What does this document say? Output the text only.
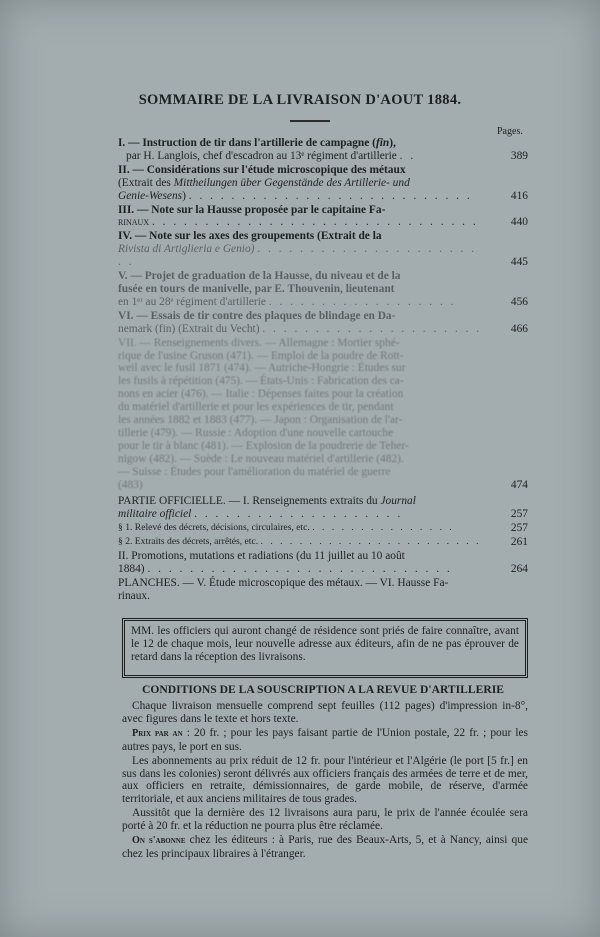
SOMMAIRE DE LA LIVRAISON D'AOUT 1884.
Pages.

I. — Instruction de tir dans l'artillerie de campagne (fin),
par H. Langlois, chef d'escadron au 13ᵉ régiment d'artillerie . .	389

II. — Considérations sur l'étude microscopique des métaux
(Extrait des Mittheilungen über Gegenstände des Artillerie- und
Genie-Wesens) . . . . . . . . . . . . . . . . . . . . . . . . . . .	416

III. — Note sur la Hausse proposée par le capitaine Fa-
rinaux . . . . . . . . . . . . . . . . . . . . . . . . . . . . . . .	440

IV. — Note sur les axes des groupements (Extrait de la
Rivista di Artiglieria e Genio) . . . . . . . . . . . . . . . . . . . . . . .	445

V. — Projet de graduation de la Hausse, du niveau et de la
fusée en tours de manivelle, par E. Thouvenin, lieutenant
en 1ᵉʳ au 28ᵉ régiment d'artillerie . . . . . . . . . . . . . . . . . .	456

VI. — Essais de tir contre des plaques de blindage en Da-
nemark (fin) (Extrait du Vecht) . . . . . . . . . . . . . . . . . . . . .	466

VII. — Renseignements divers. — Allemagne : Mortier sphé-
rique de l'usine Gruson (471). — Emploi de la poudre de Rott-
weil avec le fusil 1871 (474). — Autriche-Hongrie : Études sur
les fusils à répétition (475). — États-Unis : Fabrication des ca-
nons en acier (476). — Italie : Dépenses faites pour la création
du matériel d'artillerie et pour les expériences de tir, pendant
les années 1882 et 1883 (477). — Japon : Organisation de l'ar-
tillerie (479). — Russie : Adoption d'une nouvelle cartouche
pour le tir à blanc (481). — Explosion de la poudrerie de Teher-
nigow (482). — Suède : Le nouveau matériel d'artillerie (482).
— Suisse : Études pour l'amélioration du matériel de guerre
(483)	474

PARTIE OFFICIELLE. — I. Renseignements extraits du Journal
militaire officiel . . . . . . . . . . . . . . . . . . . .	257

§ 1. Relevé des décrets, décisions, circulaires, etc. . . . . . . . . . . . . . . .	257

§ 2. Extraits des décrets, arrêtés, etc. . . . . . . . . . . . . . . . . . . . . . . .	261

II. Promotions, mutations et radiations (du 11 juillet au 10 août
1884) . . . . . . . . . . . . . . . . . . . . . . . . . . . . .	264

PLANCHES. — V. Étude microscopique des métaux. — VI. Hausse Fa-
rinaux.

MM. les officiers qui auront changé de résidence sont priés de faire connaître, avant le 12 de chaque mois, leur nouvelle adresse aux éditeurs, afin de ne pas éprouver de retard dans la réception des livraisons.
CONDITIONS DE LA SOUSCRIPTION A LA REVUE D'ARTILLERIE

Chaque livraison mensuelle comprend sept feuilles (112 pages) d'impression in-8°, avec figures dans le texte et hors texte.

Prix par an : 20 fr. ; pour les pays faisant partie de l'Union postale, 22 fr. ; pour les autres pays, le port en sus.

Les abonnements au prix réduit de 12 fr. pour l'intérieur et l'Algérie (le port [5 fr.] en sus dans les colonies) seront délivrés aux officiers français des armées de terre et de mer, aux officiers en retraite, démissionnaires, de garde mobile, de réserve, d'armée territoriale, et aux anciens militaires de tous grades.

Aussitôt que la dernière des 12 livraisons aura paru, le prix de l'année écoulée sera porté à 20 fr. et la réduction ne pourra plus être réclamée.

On s'abonne chez les éditeurs : à Paris, rue des Beaux-Arts, 5, et à Nancy, ainsi que chez les principaux libraires à l'étranger.
